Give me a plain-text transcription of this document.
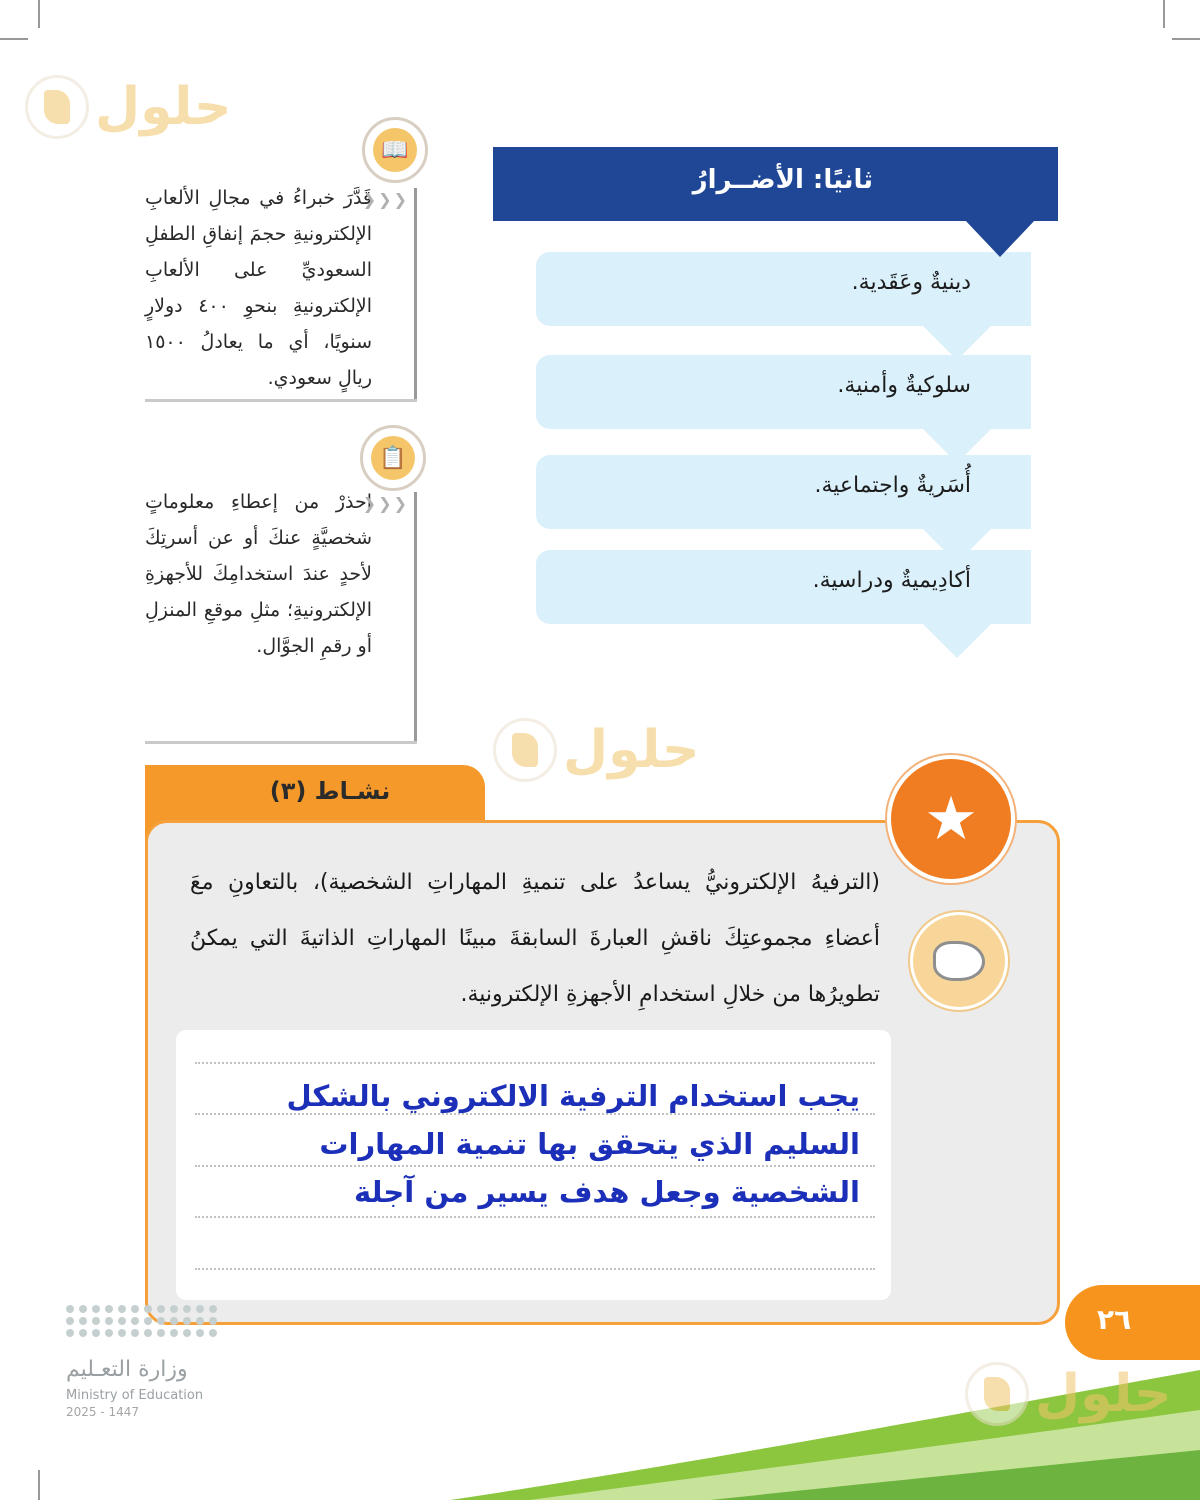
حلول
حلول
📖
❮❮❮
قَدَّرَ خبراءُ في مجالِ الألعابِ الإلكترونيةِ حجمَ إنفاقِ الطفلِ السعوديِّ على الألعابِ الإلكترونيةِ بنحوِ ٤٠٠ دولارٍ سنويًا، أي ما يعادلُ ١٥٠٠ ريالٍ سعودي.
📋
❮❮❮
احذرْ من إعطاءِ معلوماتٍ شخصيَّةٍ عنكَ أو عن أسرتِكَ لأحدٍ عندَ استخدامِكَ للأجهزةِ الإلكترونيةِ؛ مثلِ موقعِ المنزلِ أو رقمِ الجوَّال.
أكادِيميةٌ ودراسية.
أُسَريةٌ واجتماعية.
سلوكيةٌ وأمنية.
دينيةٌ وعَقَدية.
ثانيًا: الأضــرارُ
نشـاط (٣)	★
(الترفيهُ الإلكترونيُّ يساعدُ على تنميةِ المهاراتِ الشخصية)، بالتعاونِ معَ أعضاءِ مجموعتِكَ ناقشِ العبارةَ السابقةَ مبينًا المهاراتِ الذاتيةَ التي يمكنُ تطويرُها من خلالِ استخدامِ الأجهزةِ الإلكترونية.
يجب استخدام الترفية الالكتروني بالشكل السليم الذي يتحقق بها تنمية المهارات الشخصية وجعل هدف يسير من آجلة
٢٦
وزارة التعـليم
Ministry of Education
2025 - 1447	حلول
